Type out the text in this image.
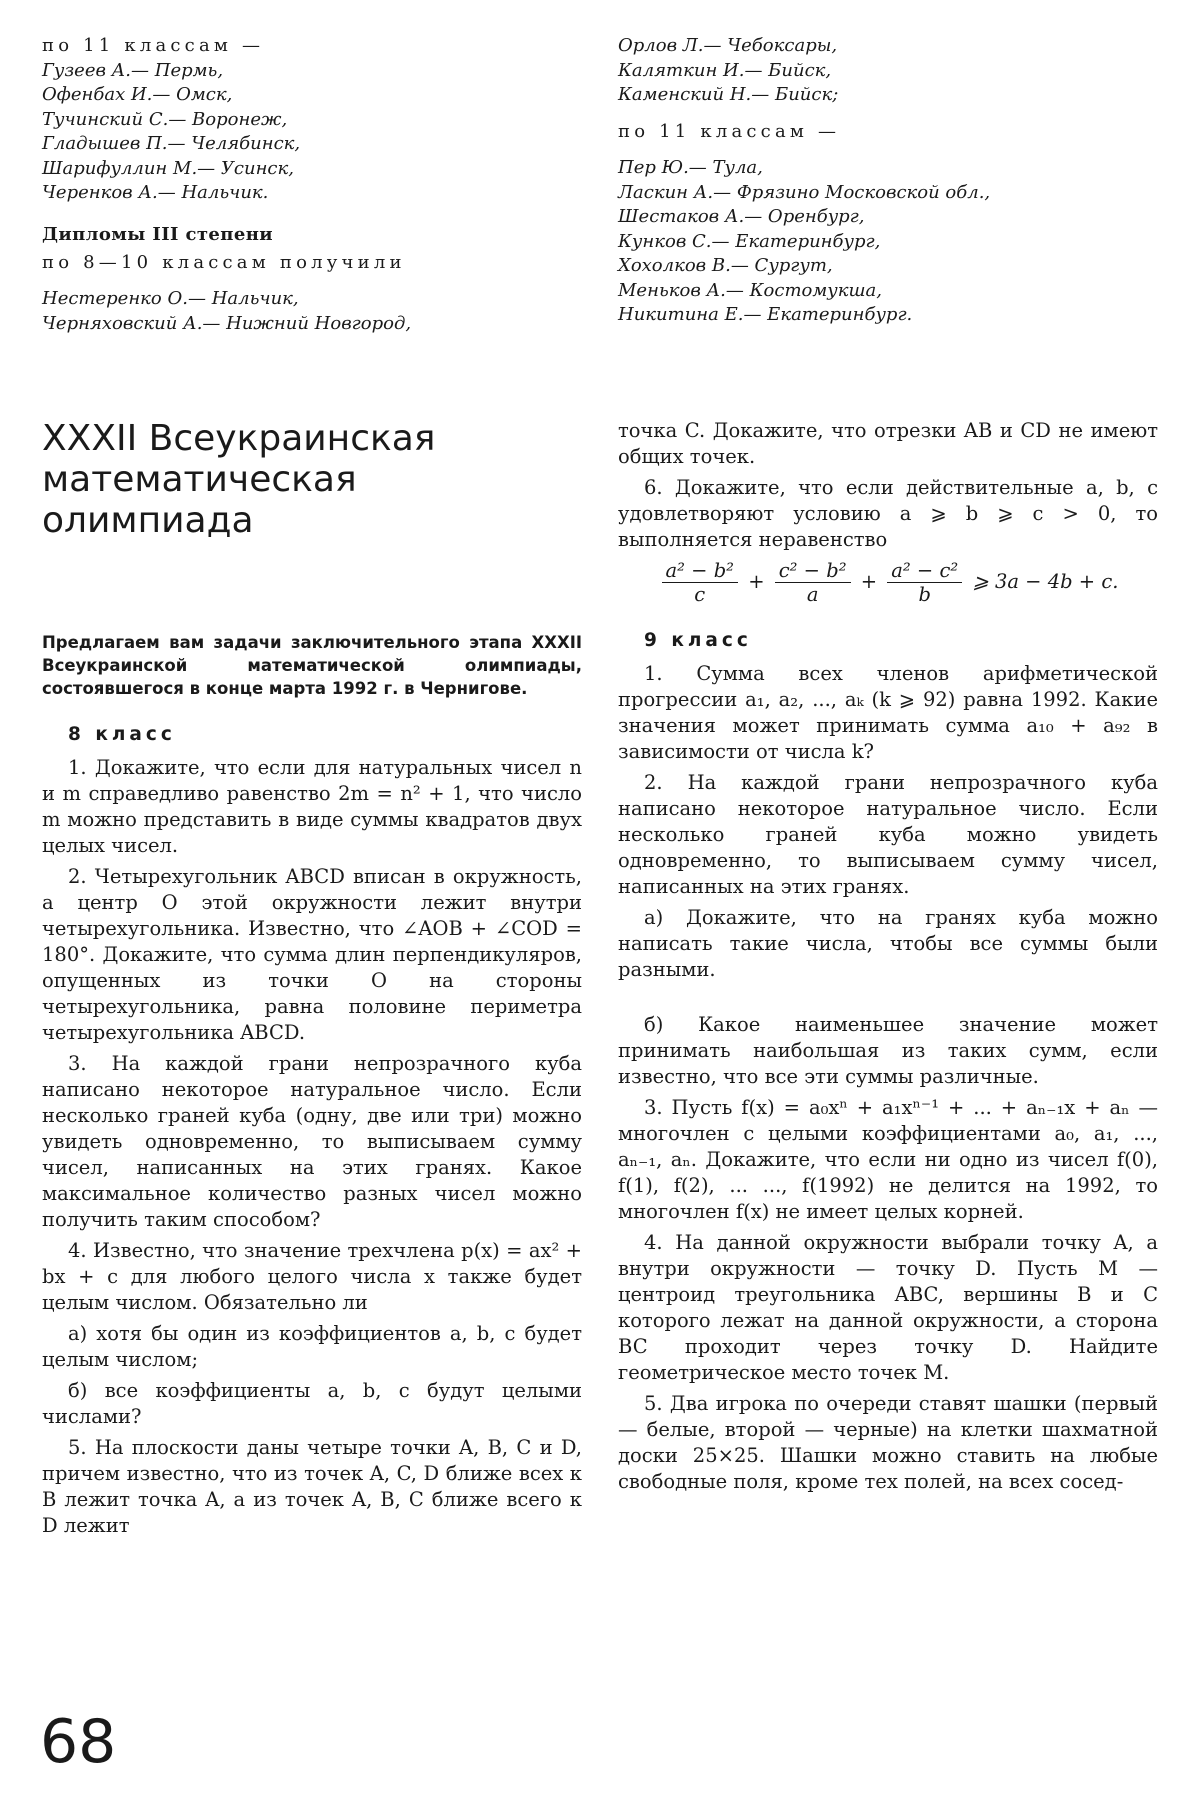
по 11 классам —

Гузеев А.— Пермь,

Офенбах И.— Омск,

Тучинский С.— Воронеж,

Гладышев П.— Челябинск,

Шарифуллин М.— Усинск,

Черенков А.— Нальчик.

Дипломы III степени

по 8—10 классам получили

Нестеренко О.— Нальчик,

Черняховский А.— Нижний Новгород,

Орлов Л.— Чебоксары,

Каляткин И.— Бийск,

Каменский Н.— Бийск;

по 11 классам —

Пер Ю.— Тула,

Ласкин А.— Фрязино Московской обл.,

Шестаков А.— Оренбург,

Кунков С.— Екатеринбург,

Хохолков В.— Сургут,

Меньков А.— Костомукша,

Никитина Е.— Екатеринбург.

XXXII Всеукраинская
математическая
олимпиада

Предлагаем вам задачи заключительного этапа XXXII Всеукраинской математической олимпиады, состоявшегося в конце марта 1992 г. в Чернигове.

8 класс

1. Докажите, что если для натуральных чисел n и m справедливо равенство 2m = n² + 1, что число m можно представить в виде суммы квадратов двух целых чисел.

2. Четырехугольник ABCD вписан в окружность, а центр O этой окружности лежит внутри четырехугольника. Известно, что ∠AOB + ∠COD = 180°. Докажите, что сумма длин перпендикуляров, опущенных из точки O на стороны четырехугольника, равна половине периметра четырехугольника ABCD.

3. На каждой грани непрозрачного куба написано некоторое натуральное число. Если несколько граней куба (одну, две или три) можно увидеть одновременно, то выписываем сумму чисел, написанных на этих гранях. Какое максимальное количество разных чисел можно получить таким способом?

4. Известно, что значение трехчлена p(x) = ax² + bx + c для любого целого числа x также будет целым числом. Обязательно ли

а) хотя бы один из коэффициентов a, b, c будет целым числом;

б) все коэффициенты a, b, c будут целыми числами?

5. На плоскости даны четыре точки A, B, C и D, причем известно, что из точек A, C, D ближе всех к B лежит точка A, а из точек A, B, C ближе всего к D лежит

точка C. Докажите, что отрезки AB и CD не имеют общих точек.

6. Докажите, что если действительные a, b, c удовлетворяют условию a ⩾ b ⩾ c > 0, то выполняется неравенство

$\frac{\text{a² − b²}}{c} + \frac{\text{c² − b²}}{a} + \frac{\text{a² − c²}}{b}$ ⩾ 3a − 4b + c.
9 класс

1. Сумма всех членов арифметической прогрессии a₁, a₂, ..., aₖ (k ⩾ 92) равна 1992. Какие значения может принимать сумма a₁₀ + a₉₂ в зависимости от числа k?

2. На каждой грани непрозрачного куба написано некоторое натуральное число. Если несколько граней куба можно увидеть одновременно, то выписываем сумму чисел, написанных на этих гранях.

а) Докажите, что на гранях куба можно написать такие числа, чтобы все суммы были разными.

б) Какое наименьшее значение может принимать наибольшая из таких сумм, если известно, что все эти суммы различные.

3. Пусть f(x) = a₀xⁿ + a₁xⁿ⁻¹ + ... + aₙ₋₁x + aₙ — многочлен с целыми коэффициентами a₀, a₁, ..., aₙ₋₁, aₙ. Докажите, что если ни одно из чисел f(0), f(1), f(2), ... ..., f(1992) не делится на 1992, то многочлен f(x) не имеет целых корней.

4. На данной окружности выбрали точку A, а внутри окружности — точку D. Пусть M — центроид треугольника ABC, вершины B и C которого лежат на данной окружности, а сторона BC проходит через точку D. Найдите геометрическое место точек M.

5. Два игрока по очереди ставят шашки (первый — белые, второй — черные) на клетки шахматной доски 25×25. Шашки можно ставить на любые свободные поля, кроме тех полей, на всех сосед-

68
